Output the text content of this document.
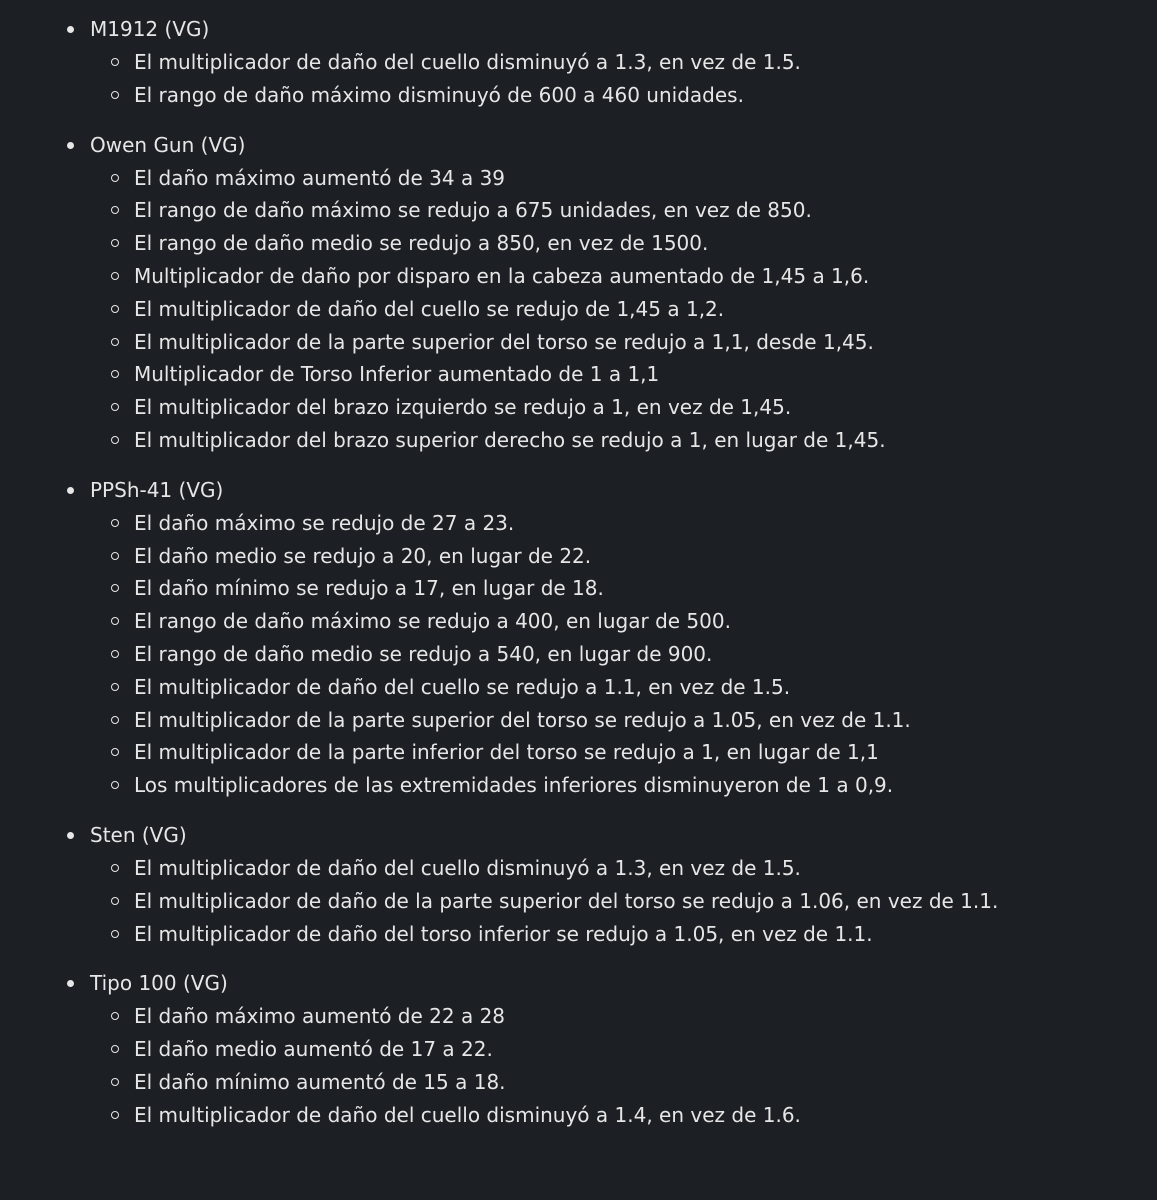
M1912 (VG)
El multiplicador de daño del cuello disminuyó a 1.3, en vez de 1.5.
El rango de daño máximo disminuyó de 600 a 460 unidades.
Owen Gun (VG)
El daño máximo aumentó de 34 a 39
El rango de daño máximo se redujo a 675 unidades, en vez de 850.
El rango de daño medio se redujo a 850, en vez de 1500.
Multiplicador de daño por disparo en la cabeza aumentado de 1,45 a 1,6.
El multiplicador de daño del cuello se redujo de 1,45 a 1,2.
El multiplicador de la parte superior del torso se redujo a 1,1, desde 1,45.
Multiplicador de Torso Inferior aumentado de 1 a 1,1
El multiplicador del brazo izquierdo se redujo a 1, en vez de 1,45.
El multiplicador del brazo superior derecho se redujo a 1, en lugar de 1,45.
PPSh-41 (VG)
El daño máximo se redujo de 27 a 23.
El daño medio se redujo a 20, en lugar de 22.
El daño mínimo se redujo a 17, en lugar de 18.
El rango de daño máximo se redujo a 400, en lugar de 500.
El rango de daño medio se redujo a 540, en lugar de 900.
El multiplicador de daño del cuello se redujo a 1.1, en vez de 1.5.
El multiplicador de la parte superior del torso se redujo a 1.05, en vez de 1.1.
El multiplicador de la parte inferior del torso se redujo a 1, en lugar de 1,1
Los multiplicadores de las extremidades inferiores disminuyeron de 1 a 0,9.
Sten (VG)
El multiplicador de daño del cuello disminuyó a 1.3, en vez de 1.5.
El multiplicador de daño de la parte superior del torso se redujo a 1.06, en vez de 1.1.
El multiplicador de daño del torso inferior se redujo a 1.05, en vez de 1.1.
Tipo 100 (VG)
El daño máximo aumentó de 22 a 28
El daño medio aumentó de 17 a 22.
El daño mínimo aumentó de 15 a 18.
El multiplicador de daño del cuello disminuyó a 1.4, en vez de 1.6.
